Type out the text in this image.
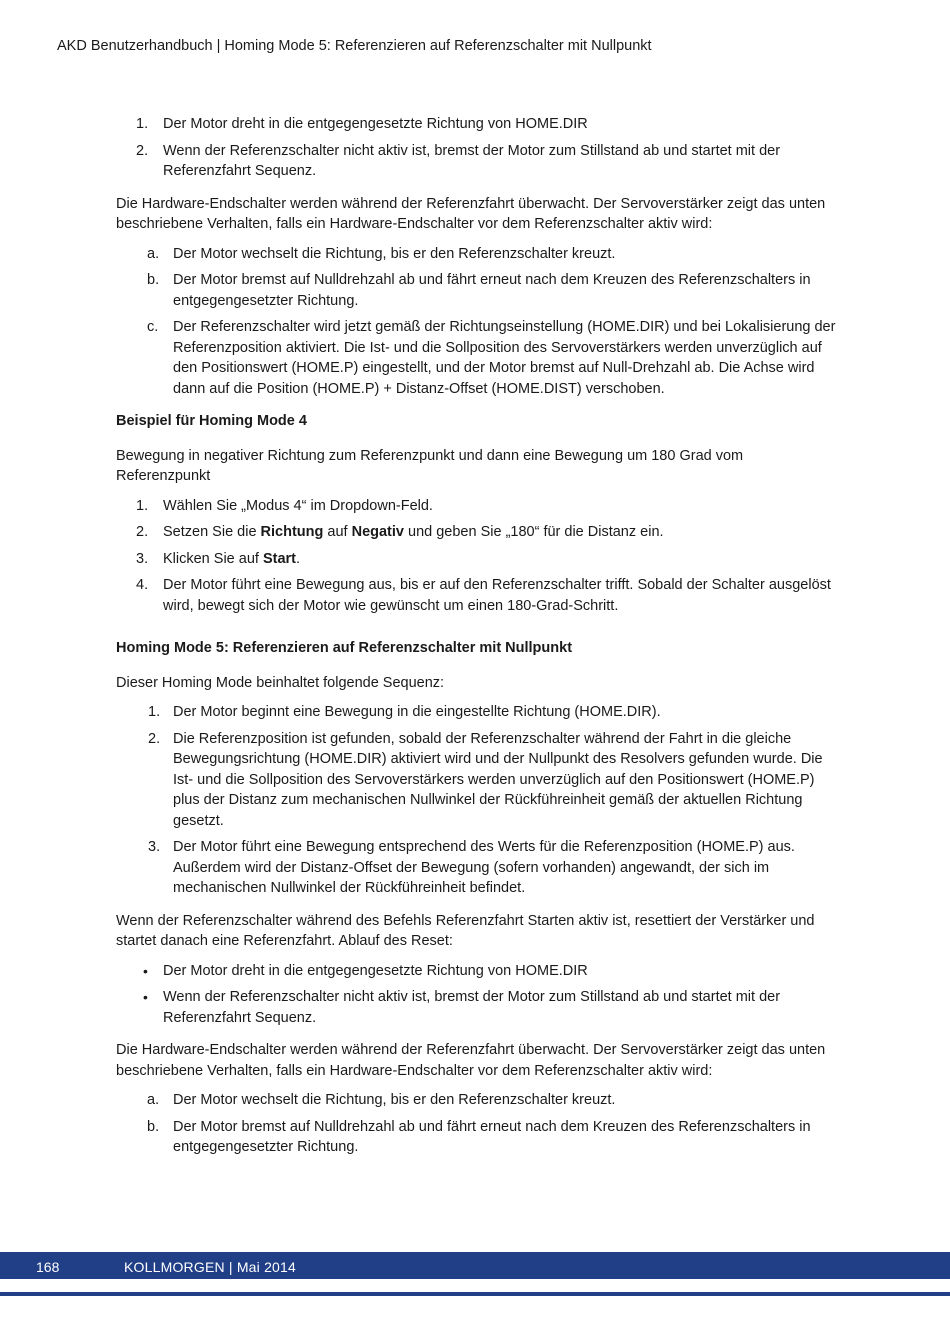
AKD Benutzerhandbuch | Homing Mode 5: Referenzieren auf Referenzschalter mit Nullpunkt
1.	Der Motor dreht in die entgegengesetzte Richtung von HOME.DIR
2.	Wenn der Referenzschalter nicht aktiv ist, bremst der Motor zum Stillstand ab und startet mit der Referenzfahrt Sequenz.

Die Hardware-Endschalter werden während der Referenzfahrt überwacht. Der Servoverstärker zeigt das unten beschriebene Verhalten, falls ein Hardware-Endschalter vor dem Referenzschalter aktiv wird:

a. Der Motor wechselt die Richtung, bis er den Referenzschalter kreuzt.
b. Der Motor bremst auf Nulldrehzahl ab und fährt erneut nach dem Kreuzen des Referenzschalters in entgegengesetzter Richtung.
c.	Der Referenzschalter wird jetzt gemäß der Richtungseinstellung (HOME.DIR) und bei Lokalisierung der Referenzposition aktiviert. Die Ist- und die Sollposition des Servoverstärkers werden unverzüglich auf den Positionswert (HOME.P) eingestellt, und der Motor bremst auf Null-Drehzahl ab. Die Achse wird dann auf die Position (HOME.P) + Distanz-Offset (HOME.DIST) verschoben.
Beispiel für Homing Mode 4

Bewegung in negativer Richtung zum Referenzpunkt und dann eine Bewegung um 180 Grad vom Referenzpunkt

1.	Wählen Sie „Modus 4“ im Dropdown-Feld.
2.	Setzen Sie die Richtung auf Negativ und geben Sie „180“ für die Distanz ein.
3.	Klicken Sie auf Start.
4.	Der Motor führt eine Bewegung aus, bis er auf den Referenzschalter trifft. Sobald der Schalter ausgelöst wird, bewegt sich der Motor wie gewünscht um einen 180-Grad-Schritt.
Homing Mode 5: Referenzieren auf Referenzschalter mit Nullpunkt

Dieser Homing Mode beinhaltet folgende Sequenz:

1. Der Motor beginnt eine Bewegung in die eingestellte Richtung (HOME.DIR).
2. Die Referenzposition ist gefunden, sobald der Referenzschalter während der Fahrt in die gleiche Bewegungsrichtung (HOME.DIR) aktiviert wird und der Nullpunkt des Resolvers gefunden wurde. Die Ist- und die Sollposition des Servoverstärkers werden unverzüglich auf den Positionswert (HOME.P) plus der Distanz zum mechanischen Nullwinkel der Rückführeinheit gemäß der aktuellen Richtung gesetzt.
3. Der Motor führt eine Bewegung entsprechend des Werts für die Referenzposition (HOME.P) aus. Außerdem wird der Distanz-Offset der Bewegung (sofern vorhanden) angewandt, der sich im mechanischen Nullwinkel der Rückführeinheit befindet.

Wenn der Referenzschalter während des Befehls Referenzfahrt Starten aktiv ist, resettiert der Verstärker und startet danach eine Referenzfahrt. Ablauf des Reset:

• Der Motor dreht in die entgegengesetzte Richtung von HOME.DIR
• Wenn der Referenzschalter nicht aktiv ist, bremst der Motor zum Stillstand ab und startet mit der Referenzfahrt Sequenz.

Die Hardware-Endschalter werden während der Referenzfahrt überwacht. Der Servoverstärker zeigt das unten beschriebene Verhalten, falls ein Hardware-Endschalter vor dem Referenzschalter aktiv wird:

a. Der Motor wechselt die Richtung, bis er den Referenzschalter kreuzt.
b. Der Motor bremst auf Nulldrehzahl ab und fährt erneut nach dem Kreuzen des Referenzschalters in entgegengesetzter Richtung.
168	KOLLMORGEN | Mai 2014
